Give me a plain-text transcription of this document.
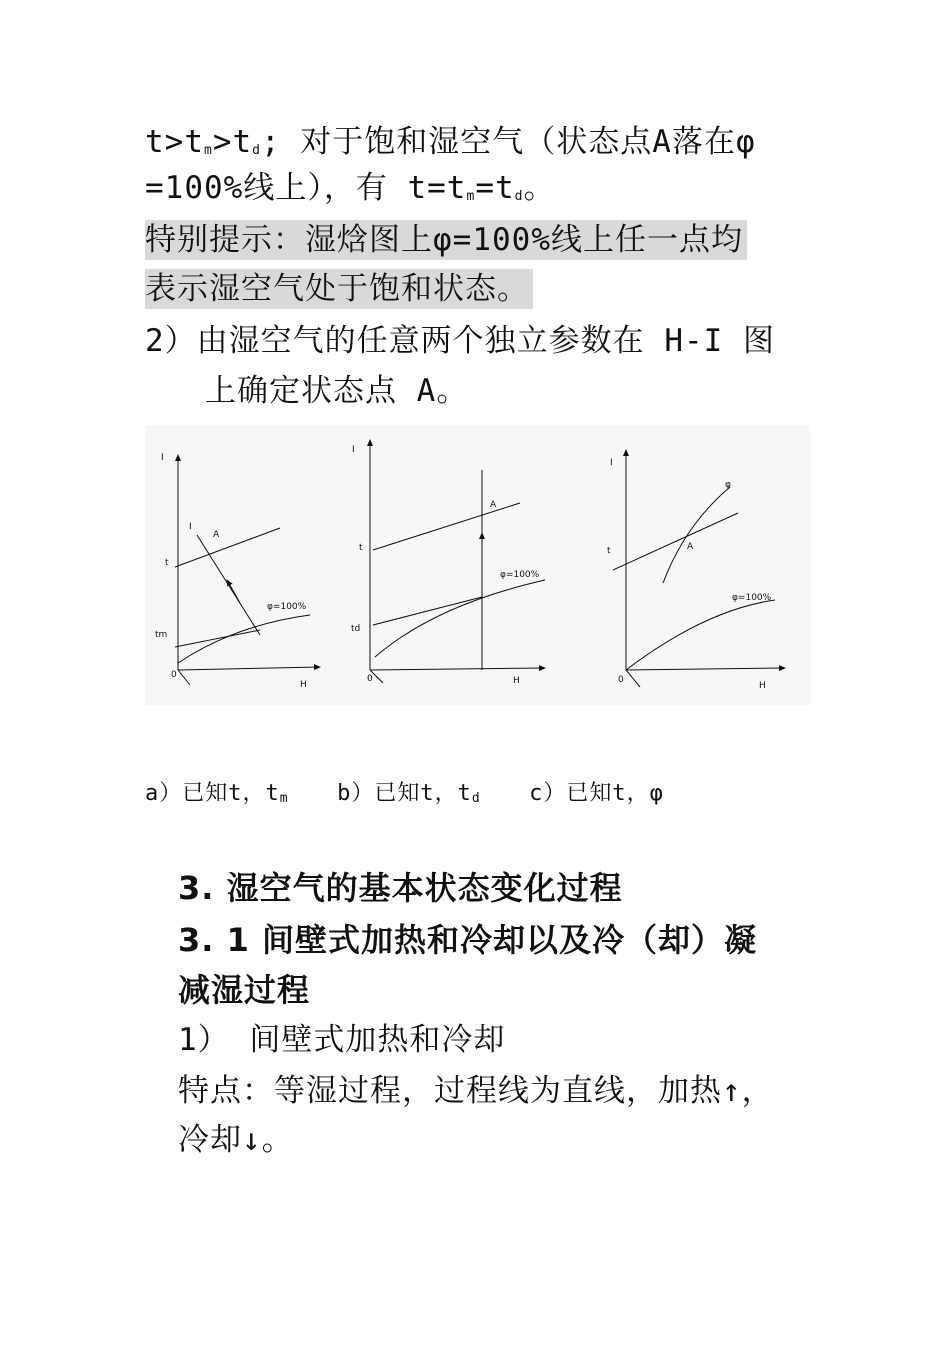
$t>t_m>t_d$; 对于饱和湿空气（状态点A落在φ
=100%线上），有 $t=t_m=t_d$。
特别提示：湿焓图上φ=100%线上任一点均
表示湿空气处于饱和状态。
2）由湿空气的任意两个独立参数在 H-I 图
上确定状态点 A。
I
t
tm
0
H
I
A
φ=100%
I
t
td
0	H
A
φ=100%
I
t
0
H
A
φ
φ=100%
a）已知t，$t_m$ b）已知t，$t_d$ c）已知t，φ
3. 湿空气的基本状态变化过程
3. 1 间壁式加热和冷却以及冷（却）凝
减湿过程
1） 间壁式加热和冷却
特点：等湿过程，过程线为直线，加热↑，
冷却↓。
